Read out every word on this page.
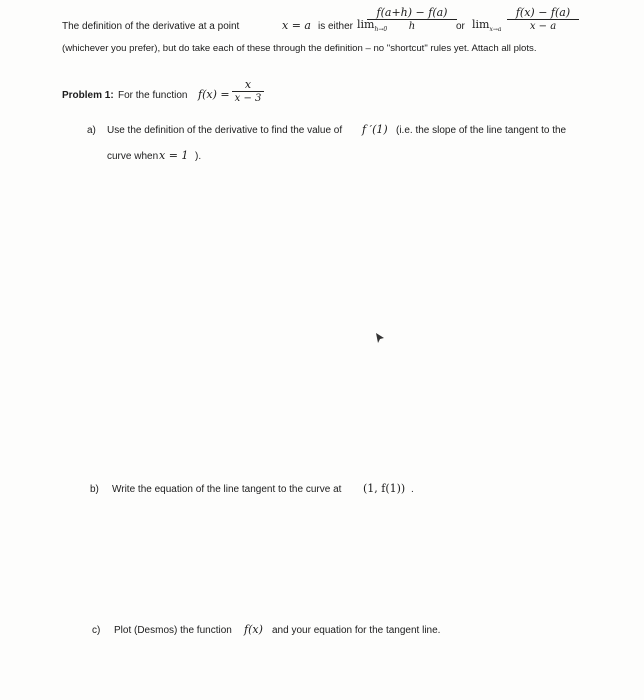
The definition of the derivative at a point	x = a is either $\lim_{h\to 0}$
$\frac{f(a+h) - f(a)}{h}$ or $\lim_{x\to a} \frac{f(x) - f(a)}{x - a}$
(whichever you prefer), but do take each of these through the definition – no "shortcut" rules yet. Attach all plots.
Problem 1: For the function $f(x) = \frac{x}{x - 3}$
a) Use the definition of the derivative to find the value of f ′(1) (i.e. the slope of the line tangent to the
curve when x = 1 ).
b) Write the equation of the line tangent to the curve at (1, f(1)) .
c) Plot (Desmos) the function f(x) and your equation for the tangent line.
